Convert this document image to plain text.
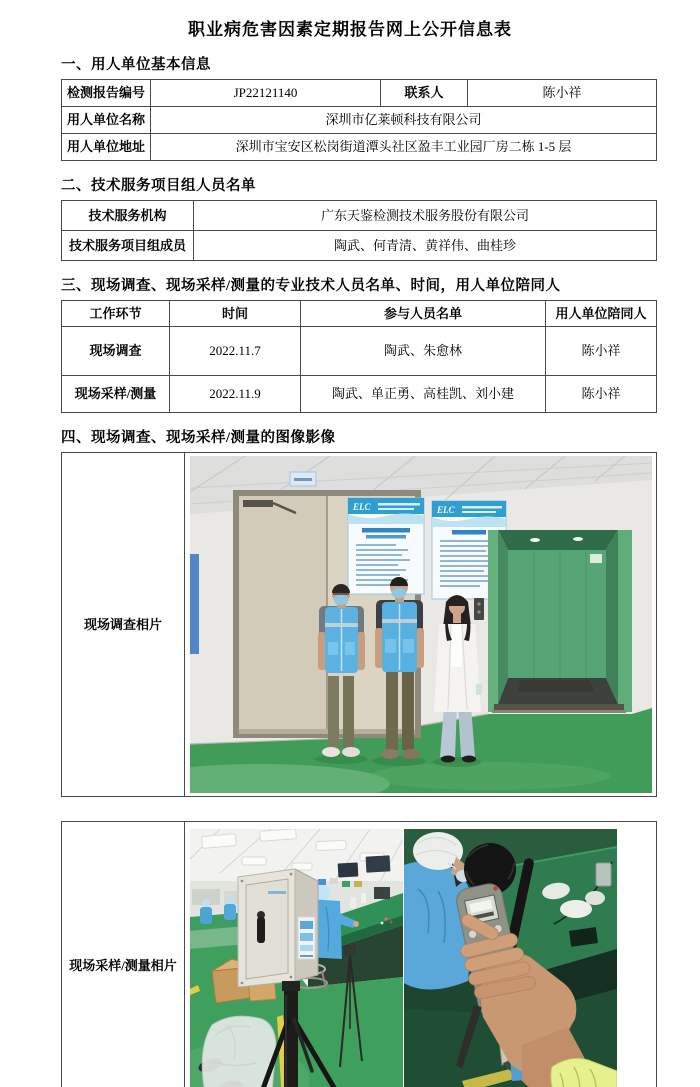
职业病危害因素定期报告网上公开信息表
一、用人单位基本信息
检测报告编号	JP22121140	联系人	陈小祥
用人单位名称	深圳市亿莱顿科技有限公司		
用人单位地址	深圳市宝安区松岗街道潭头社区盈丰工业园厂房二栋 1-5 层		
二、技术服务项目组人员名单
技术服务机构	广东天鉴检测技术服务股份有限公司
技术服务项目组成员	陶武、何青清、黄祥伟、曲桂珍
三、现场调查、现场采样/测量的专业技术人员名单、时间，用人单位陪同人
工作环节	时间	参与人员名单	用人单位陪同人
现场调查	2022.11.7	陶武、朱愈林	陈小祥
现场采样/测量	2022.11.9	陶武、单正勇、高桂凯、刘小建	陈小祥
四、现场调查、现场采样/测量的图像影像
现场调查相片	
ELC	ELC
现场采样/测量相片	
